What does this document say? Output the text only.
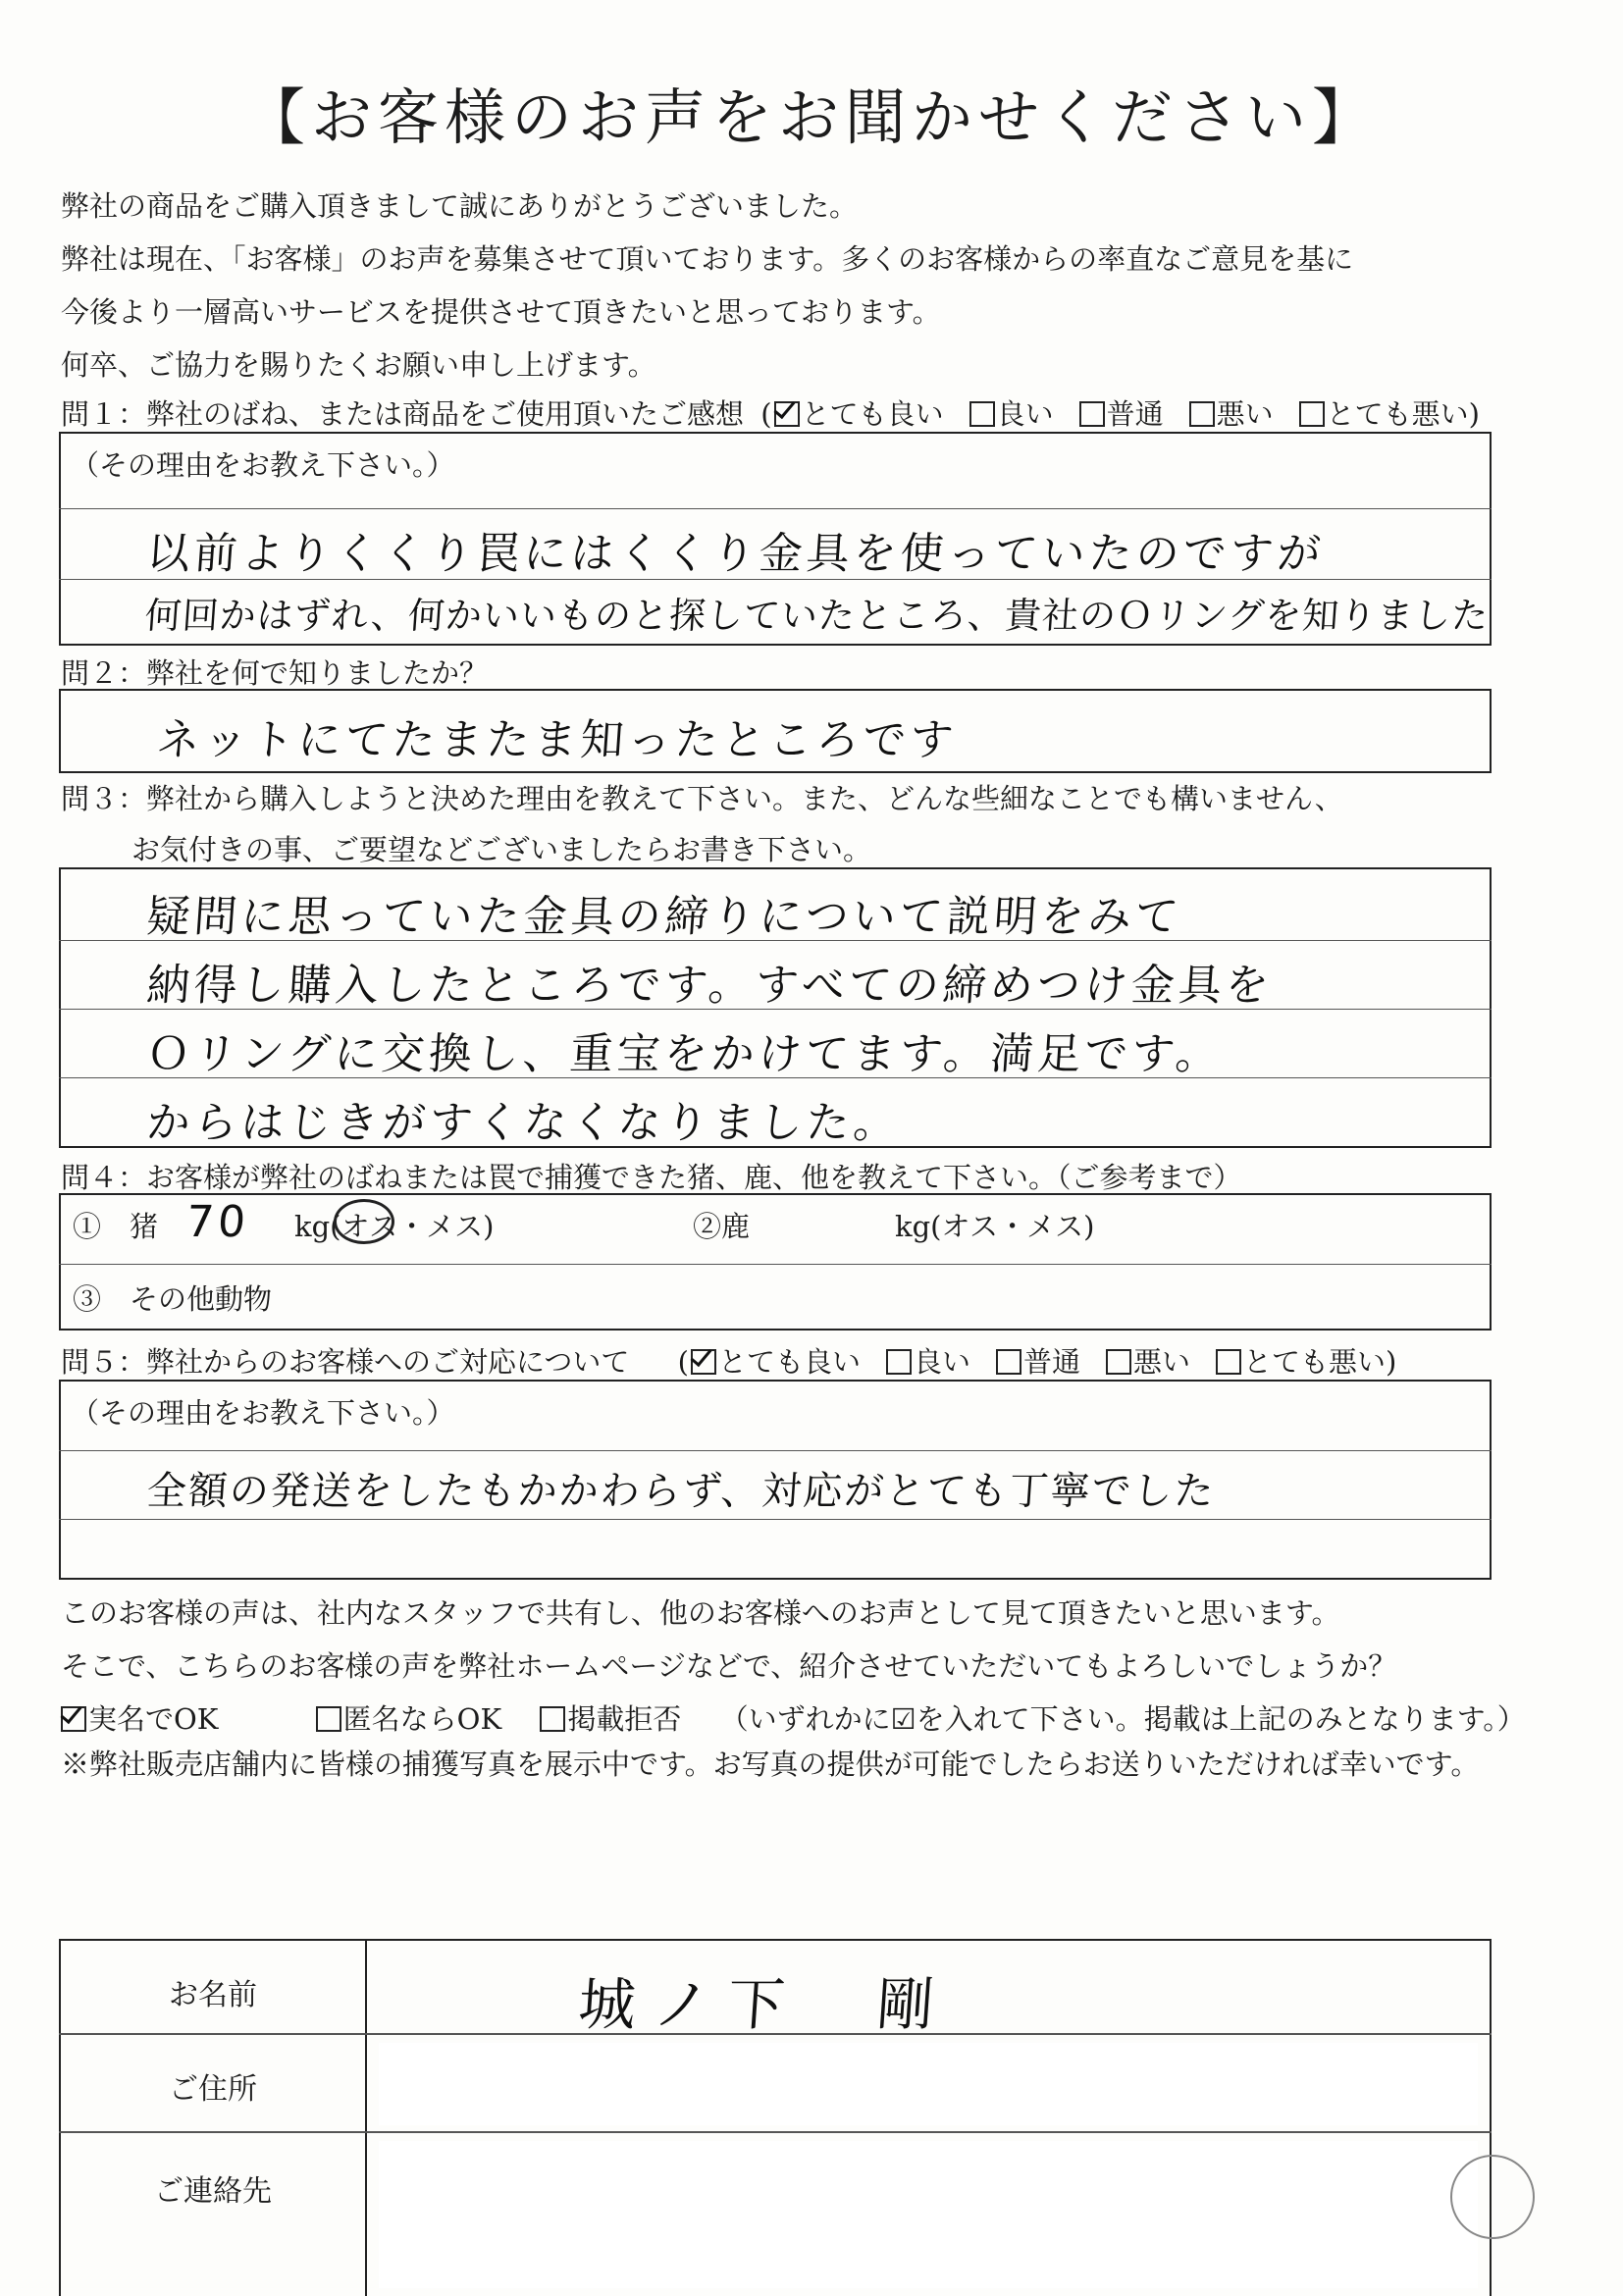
【お客様のお声をお聞かせください】
弊社の商品をご購入頂きまして誠にありがとうございました。
弊社は現在、「お客様」のお声を募集させて頂いております。多くのお客様からの率直なご意見を基に
今後より一層高いサービスを提供させて頂きたいと思っております。
何卒、ご協力を賜りたくお願い申し上げます。
問１：弊社のばね、または商品をご使用頂いたご感想 ( とても良い 良い 普通 悪い とても悪い)
（その理由をお教え下さい。）
以前よりくくり罠にはくくり金具を使っていたのですが
何回かはずれ、何かいいものと探していたところ、貴社のＯリングを知りました
問２：弊社を何で知りましたか？
ネットにてたまたま知ったところです
問３：弊社から購入しようと決めた理由を教えて下さい。また、どんな些細なことでも構いません、
お気付きの事、ご要望などございましたらお書き下さい。
疑問に思っていた金具の締りについて説明をみて
納得し購入したところです。すべての締めつけ金具を
Ｏリングに交換し、重宝をかけてます。満足です。
からはじきがすくなくなりました。
問４：お客様が弊社のばねまたは罠で捕獲できた猪、鹿、他を教えて下さい。（ご参考まで）
①　猪 70 kg(オス・メス)	②鹿	kg(オス・メス)
③　その他動物
問５：弊社からのお客様へのご対応について ( とても良い 良い 普通 悪い とても悪い)
（その理由をお教え下さい。）
全額の発送をしたもかかわらず、対応がとても丁寧でした
このお客様の声は、社内なスタッフで共有し、他のお客様へのお声として見て頂きたいと思います。
そこで、こちらのお客様の声を弊社ホームページなどで、紹介させていただいてもよろしいでしょうか？
実名でOK	匿名ならOK 掲載拒否 （いずれかに☑を入れて下さい。掲載は上記のみとなります。）
※弊社販売店舗内に皆様の捕獲写真を展示中です。お写真の提供が可能でしたらお送りいただければ幸いです。
お名前	城ノ下　剛
ご住所
ご連絡先
